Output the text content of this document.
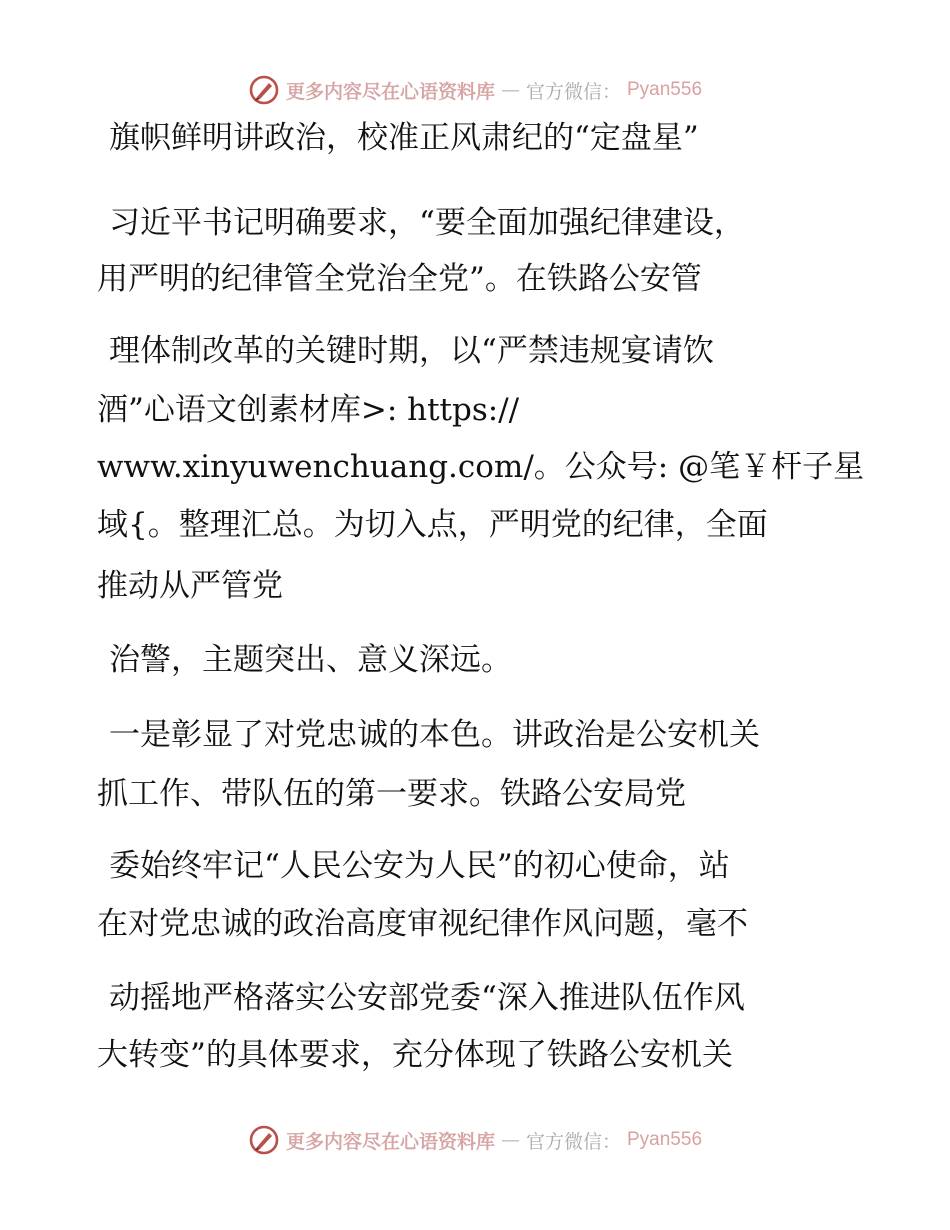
更多内容尽在心语资料库 — 官方微信： Pyan556
旗帜鲜明讲政治，校准正风肃纪的“定盘星”
习近平书记明确要求，“要全面加强纪律建设，
用严明的纪律管全党治全党”。在铁路公安管
理体制改革的关键时期，以“严禁违规宴请饮
酒”心语文创素材库>: https://
www.xinyuwenchuang.com/。公众号: @笔￥杆子星
域{。整理汇总。为切入点，严明党的纪律，全面
推动从严管党
治警，主题突出、意义深远。
一是彰显了对党忠诚的本色。讲政治是公安机关
抓工作、带队伍的第一要求。铁路公安局党
委始终牢记“人民公安为人民”的初心使命，站
在对党忠诚的政治高度审视纪律作风问题，毫不
动摇地严格落实公安部党委“深入推进队伍作风
大转变”的具体要求，充分体现了铁路公安机关
更多内容尽在心语资料库 — 官方微信： Pyan556
